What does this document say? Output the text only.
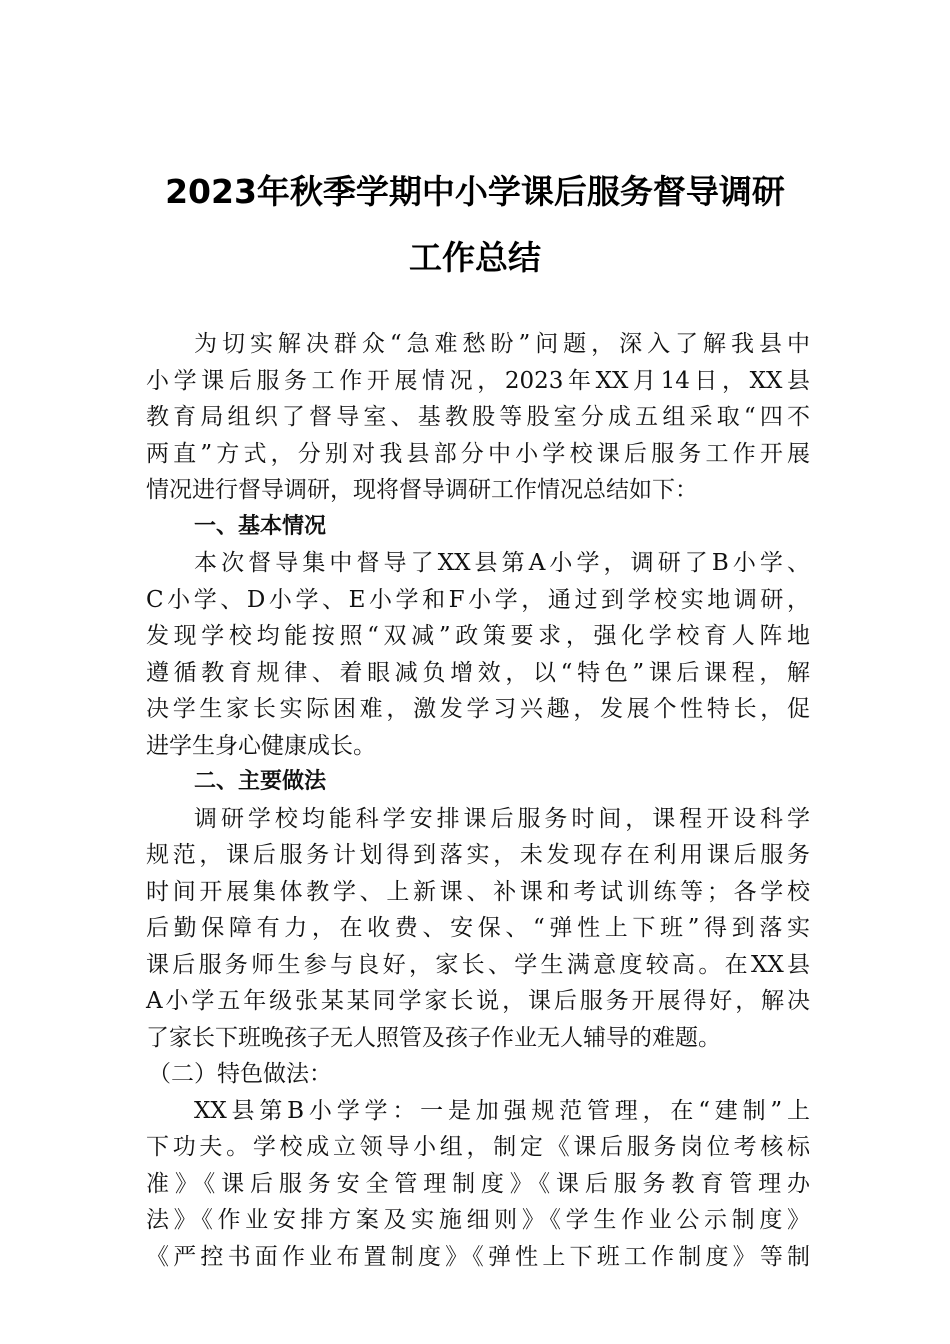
2023年秋季学期中小学课后服务督导调研
工作总结
为切实解决群众“急难愁盼”问题，深入了解我县中
小学课后服务工作开展情况，2023年XX月14日，XX县
教育局组织了督导室、基教股等股室分成五组采取“四不
两直”方式，分别对我县部分中小学校课后服务工作开展
情况进行督导调研，现将督导调研工作情况总结如下：
一、基本情况
本次督导集中督导了XX县第A小学，调研了B小学、
C小学、D小学、E小学和F小学，通过到学校实地调研，
发现学校均能按照“双减”政策要求，强化学校育人阵地
遵循教育规律、着眼减负增效，以“特色”课后课程，解
决学生家长实际困难，激发学习兴趣，发展个性特长，促
进学生身心健康成长。
二、主要做法
调研学校均能科学安排课后服务时间，课程开设科学
规范，课后服务计划得到落实，未发现存在利用课后服务
时间开展集体教学、上新课、补课和考试训练等；各学校
后勤保障有力，在收费、安保、“弹性上下班”得到落实
课后服务师生参与良好，家长、学生满意度较高。在XX县
A小学五年级张某某同学家长说，课后服务开展得好，解决
了家长下班晚孩子无人照管及孩子作业无人辅导的难题。
（二）特色做法：
XX县第B小学学：一是加强规范管理，在“建制”上
下功夫。学校成立领导小组，制定《课后服务岗位考核标
准》《课后服务安全管理制度》《课后服务教育管理办
法》《作业安排方案及实施细则》《学生作业公示制度》
《严控书面作业布置制度》《弹性上下班工作制度》等制
